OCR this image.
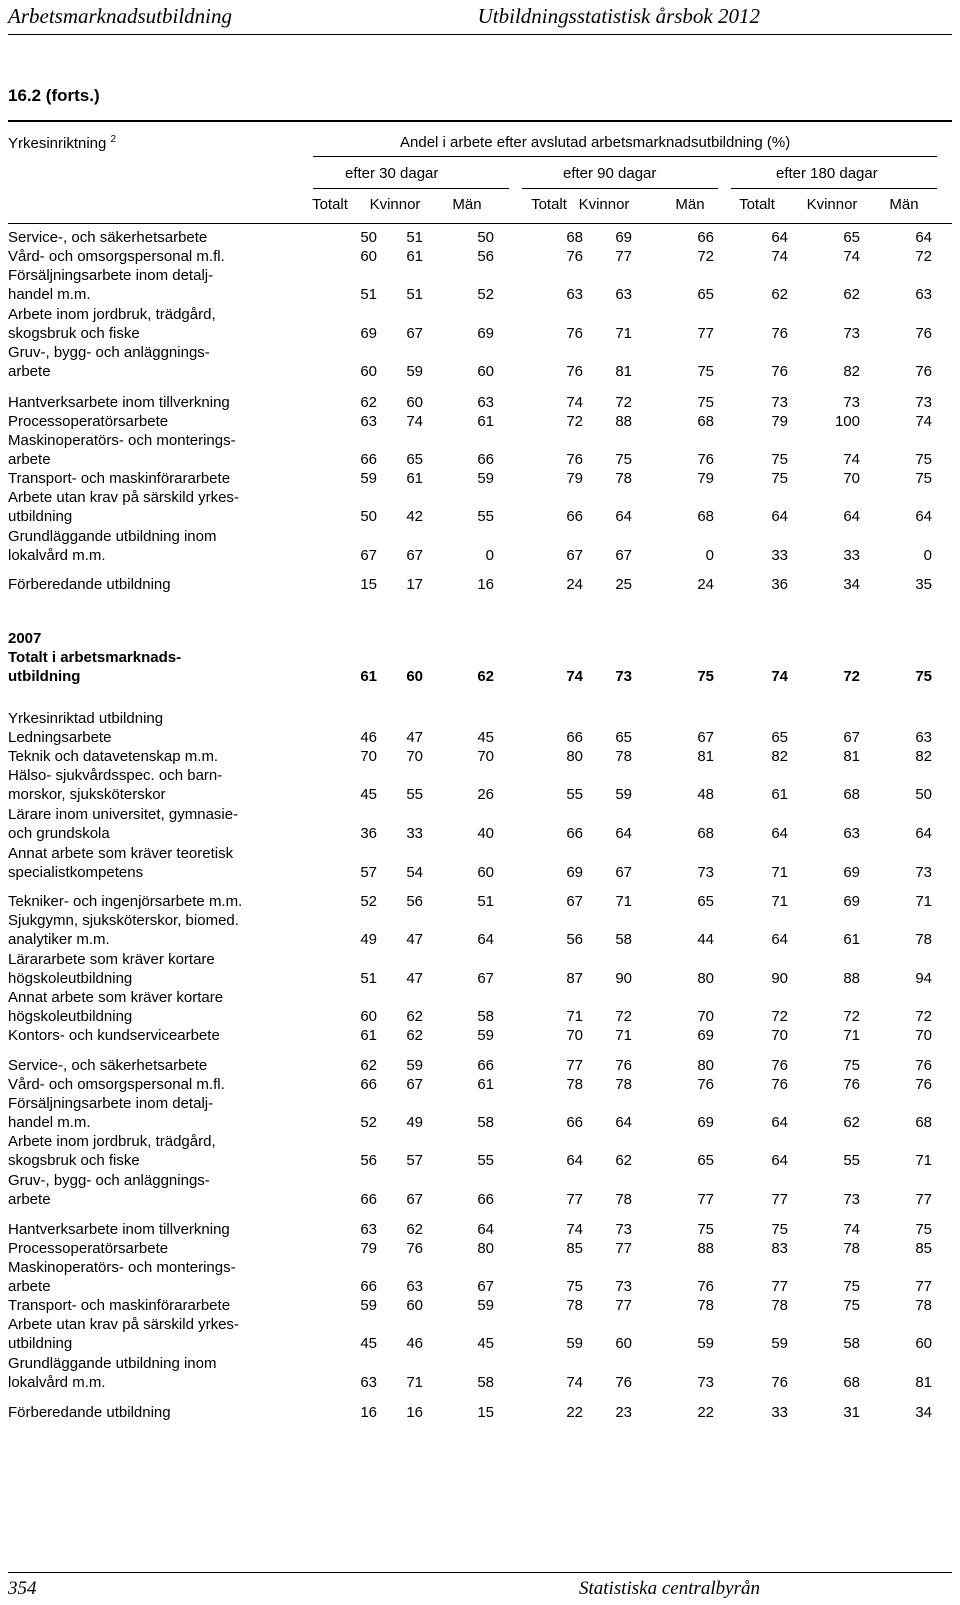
Arbetsmarknadsutbildning	Utbildningsstatistisk årsbok 2012
16.2 (forts.)
Yrkesinriktning $^2$	Andel i arbete efter avslutad arbetsmarknadsutbildning (%)
efter 30 dagar	efter 90 dagar	efter 180 dagar
Totalt	Kvinnor	Män	Totalt Kvinnor	Män	Totalt	Kvinnor	Män
Service-, och säkerhetsarbete	50	51	50	68	69	66	64	65	64
Vård- och omsorgspersonal m.fl.	60	61	56	76	77	72	74	74	72
Försäljningsarbete inom detalj-
handel m.m.	51	51	52	63	63	65	62	62	63
Arbete inom jordbruk, trädgård,
skogsbruk och fiske	69	67	69	76	71	77	76	73	76
Gruv-, bygg- och anläggnings-
arbete	60	59	60	76	81	75	76	82	76
Hantverksarbete inom tillverkning	62	60	63	74	72	75	73	73	73
Processoperatörsarbete	63	74	61	72	88	68	79	100	74
Maskinoperatörs- och monterings-
arbete	66	65	66	76	75	76	75	74	75
Transport- och maskinförararbete	59	61	59	79	78	79	75	70	75
Arbete utan krav på särskild yrkes-
utbildning	50	42	55	66	64	68	64	64	64
Grundläggande utbildning inom
lokalvård m.m.	67	67	0	67	67	0	33	33	0
Förberedande utbildning	15	17	16	24	25	24	36	34	35
2007
Totalt i arbetsmarknads-
utbildning	61	60	62	74	73	75	74	72	75
Yrkesinriktad utbildning
Ledningsarbete	46	47	45	66	65	67	65	67	63
Teknik och datavetenskap m.m.	70	70	70	80	78	81	82	81	82
Hälso- sjukvårdsspec. och barn-
morskor, sjuksköterskor	45	55	26	55	59	48	61	68	50
Lärare inom universitet, gymnasie-
och grundskola	36	33	40	66	64	68	64	63	64
Annat arbete som kräver teoretisk
specialistkompetens	57	54	60	69	67	73	71	69	73
Tekniker- och ingenjörsarbete m.m.	52	56	51	67	71	65	71	69	71
Sjukgymn, sjuksköterskor, biomed.
analytiker m.m.	49	47	64	56	58	44	64	61	78
Lärararbete som kräver kortare
högskoleutbildning	51	47	67	87	90	80	90	88	94
Annat arbete som kräver kortare
högskoleutbildning	60	62	58	71	72	70	72	72	72
Kontors- och kundservicearbete	61	62	59	70	71	69	70	71	70
Service-, och säkerhetsarbete	62	59	66	77	76	80	76	75	76
Vård- och omsorgspersonal m.fl.	66	67	61	78	78	76	76	76	76
Försäljningsarbete inom detalj-
handel m.m.	52	49	58	66	64	69	64	62	68
Arbete inom jordbruk, trädgård,
skogsbruk och fiske	56	57	55	64	62	65	64	55	71
Gruv-, bygg- och anläggnings-
arbete	66	67	66	77	78	77	77	73	77
Hantverksarbete inom tillverkning	63	62	64	74	73	75	75	74	75
Processoperatörsarbete	79	76	80	85	77	88	83	78	85
Maskinoperatörs- och monterings-
arbete	66	63	67	75	73	76	77	75	77
Transport- och maskinförararbete	59	60	59	78	77	78	78	75	78
Arbete utan krav på särskild yrkes-
utbildning	45	46	45	59	60	59	59	58	60
Grundläggande utbildning inom
lokalvård m.m.	63	71	58	74	76	73	76	68	81
Förberedande utbildning	16	16	15	22	23	22	33	31	34
354	Statistiska centralbyrån
